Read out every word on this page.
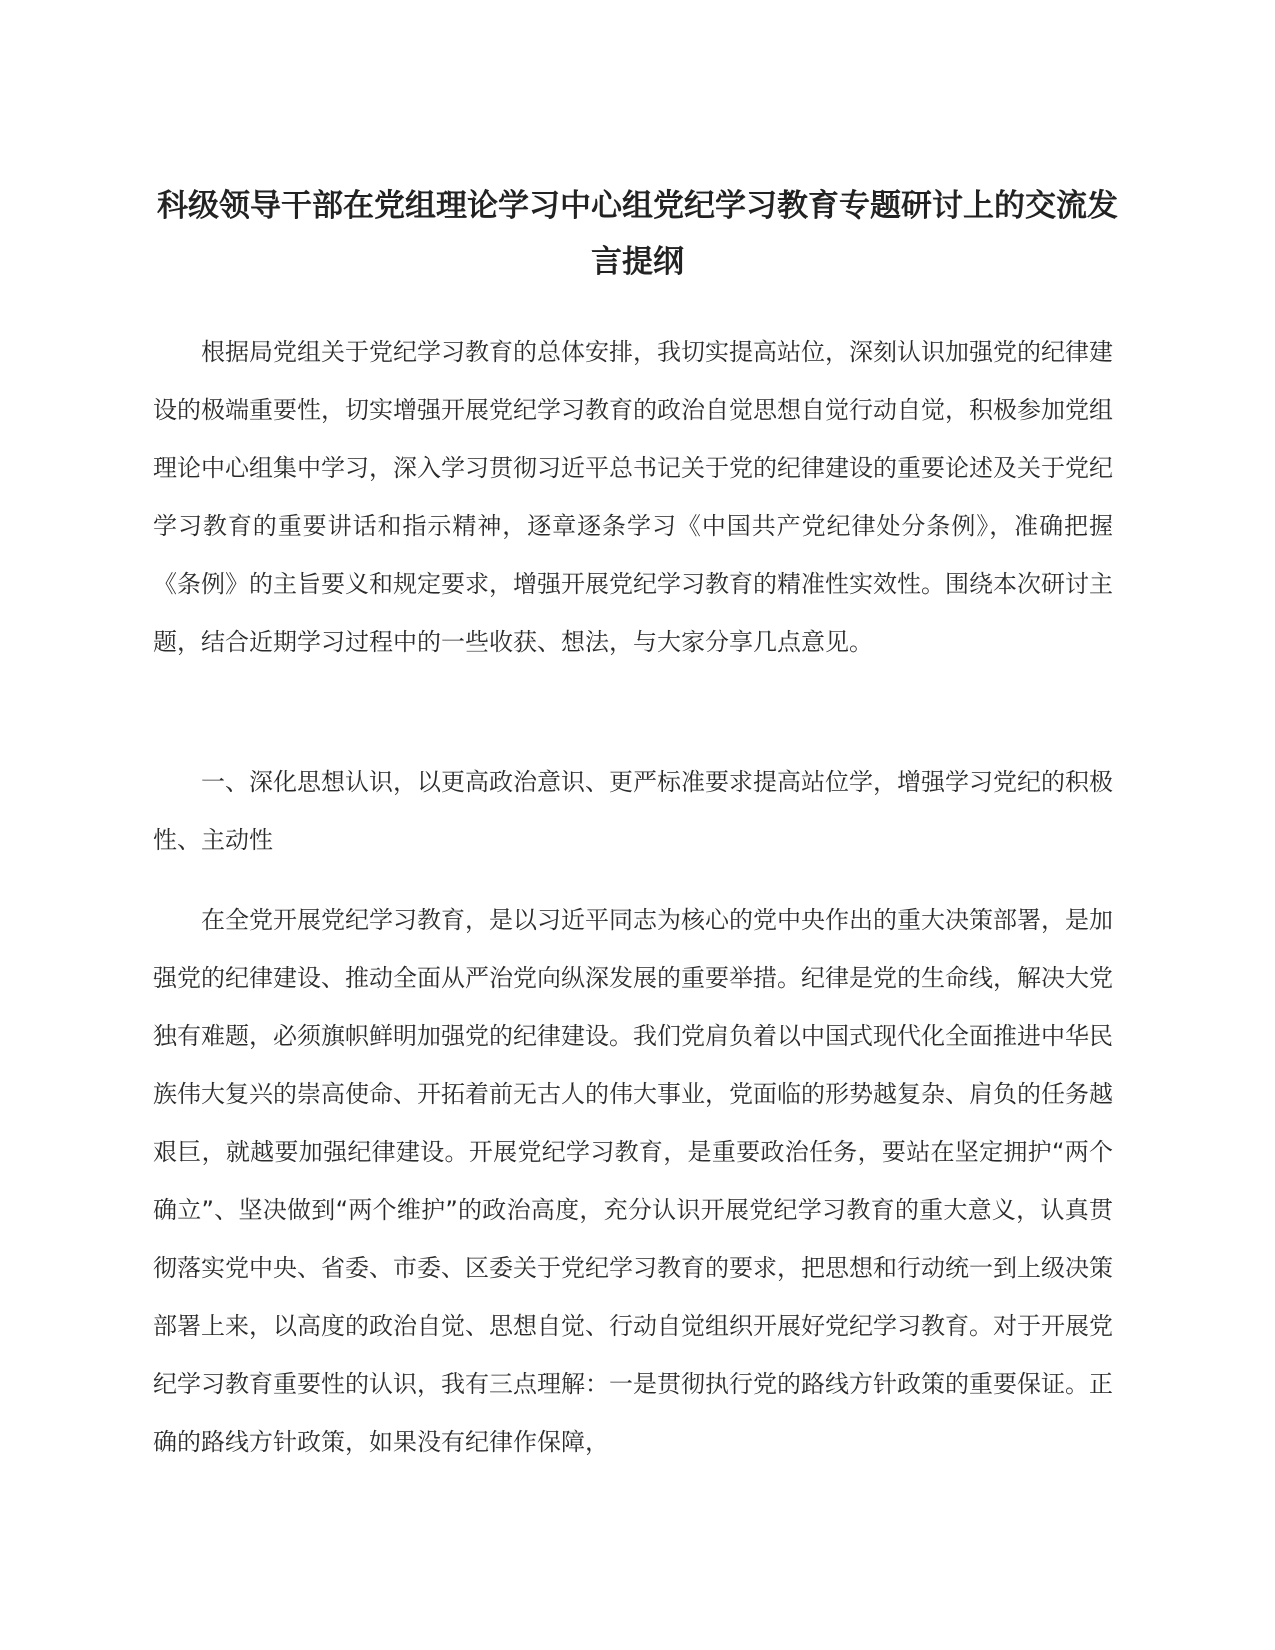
科级领导干部在党组理论学习中心组党纪学习教育专题研讨上的交流发言提纲

根据局党组关于党纪学习教育的总体安排，我切实提高站位，深刻认识加强党的纪律建设的极端重要性，切实增强开展党纪学习教育的政治自觉思想自觉行动自觉，积极参加党组理论中心组集中学习，深入学习贯彻习近平总书记关于党的纪律建设的重要论述及关于党纪学习教育的重要讲话和指示精神，逐章逐条学习《中国共产党纪律处分条例》，准确把握《条例》的主旨要义和规定要求，增强开展党纪学习教育的精准性实效性。围绕本次研讨主题，结合近期学习过程中的一些收获、想法，与大家分享几点意见。

一、深化思想认识，以更高政治意识、更严标准要求提高站位学，增强学习党纪的积极性、主动性

在全党开展党纪学习教育，是以习近平同志为核心的党中央作出的重大决策部署，是加强党的纪律建设、推动全面从严治党向纵深发展的重要举措。纪律是党的生命线，解决大党独有难题，必须旗帜鲜明加强党的纪律建设。我们党肩负着以中国式现代化全面推进中华民族伟大复兴的崇高使命、开拓着前无古人的伟大事业，党面临的形势越复杂、肩负的任务越艰巨，就越要加强纪律建设。开展党纪学习教育，是重要政治任务，要站在坚定拥护“两个确立”、坚决做到“两个维护”的政治高度，充分认识开展党纪学习教育的重大意义，认真贯彻落实党中央、省委、市委、区委关于党纪学习教育的要求，把思想和行动统一到上级决策部署上来，以高度的政治自觉、思想自觉、行动自觉组织开展好党纪学习教育。对于开展党纪学习教育重要性的认识，我有三点理解：一是贯彻执行党的路线方针政策的重要保证。正确的路线方针政策，如果没有纪律作保障，
